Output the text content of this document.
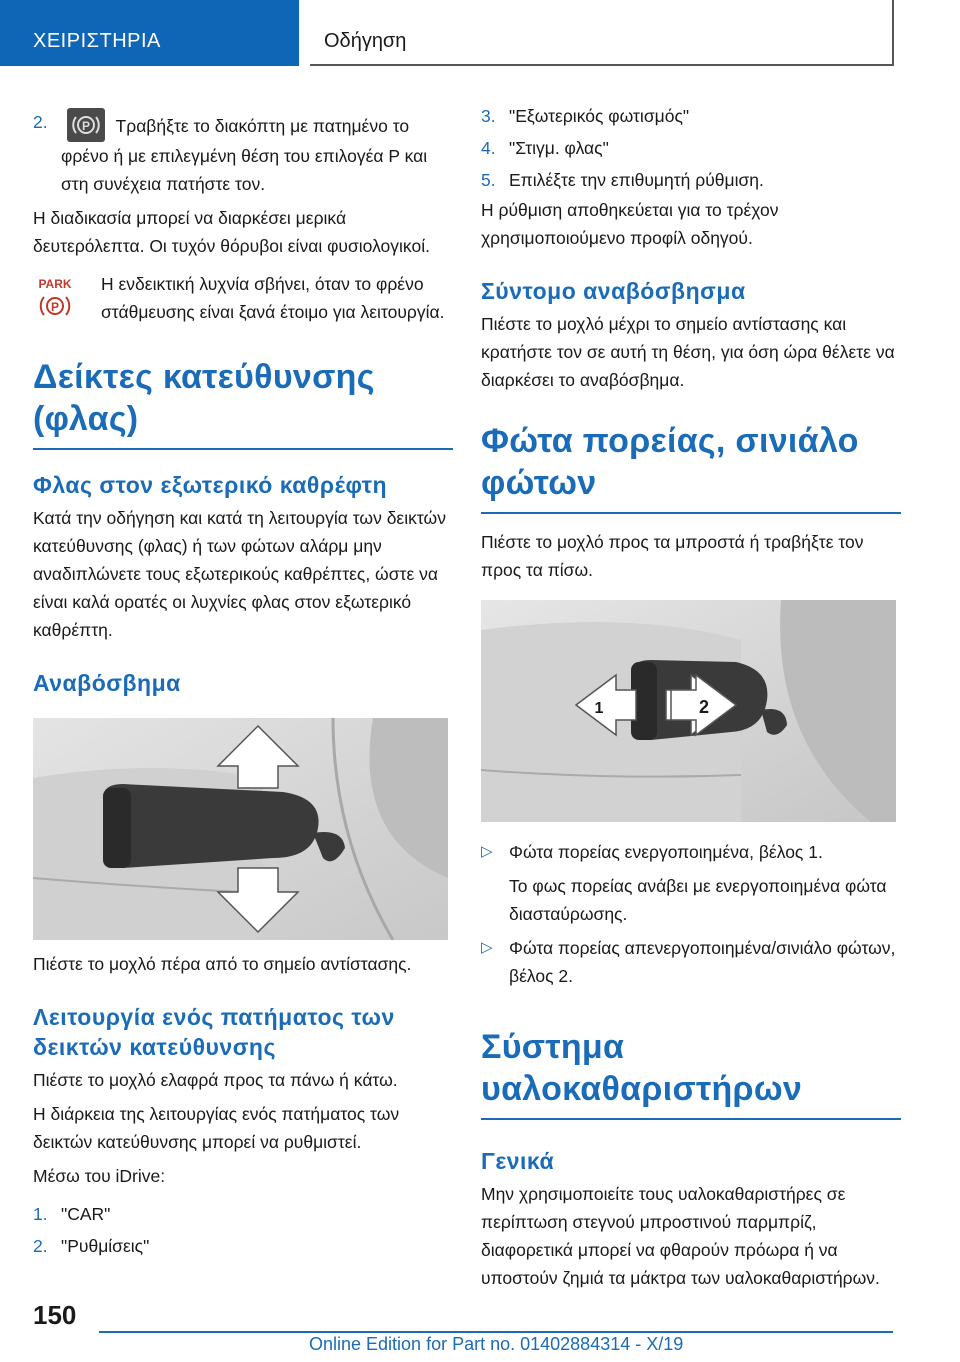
ΧΕΙΡΙΣΤΗΡΙΑ	Οδήγηση
2.	P Τραβήξτε το διακόπτη με πατημένο το φρένο ή με επιλεγμένη θέση του επιλογέα P και στη συνέχεια πατήστε τον.

Η διαδικασία μπορεί να διαρκέσει μερικά δευτερόλεπτα. Οι τυχόν θόρυβοι είναι φυσιολογικοί.

PARK
P

Η ενδεικτική λυχνία σβήνει, όταν το φρένο στάθμευσης είναι ξανά έτοιμο για λειτουργία.

Δείκτες κατεύθυνσης (φλας)
Φλας στον εξωτερικό καθρέφτη

Κατά την οδήγηση και κατά τη λειτουργία των δεικτών κατεύθυνσης (φλας) ή των φώτων αλάρμ μην αναδιπλώνετε τους εξωτερικούς καθρέπτες, ώστε να είναι καλά ορατές οι λυχνίες φλας στον εξωτερικό καθρέπτη.

Αναβόσβημα

Πιέστε το μοχλό πέρα από το σημείο αντίστασης.

Λειτουργία ενός πατήματος των δεικτών κατεύθυνσης

Πιέστε το μοχλό ελαφρά προς τα πάνω ή κάτω.

Η διάρκεια της λειτουργίας ενός πατήματος των δεικτών κατεύθυνσης μπορεί να ρυθμιστεί.

Μέσω του iDrive:

1. "CAR"
2. "Ρυθμίσεις"
3. "Εξωτερικός φωτισμός"
4. "Στιγμ. φλας"
5. Επιλέξτε την επιθυμητή ρύθμιση.

Η ρύθμιση αποθηκεύεται για το τρέχον χρησιμοποιούμενο προφίλ οδηγού.

Σύντομο αναβόσβησμα

Πιέστε το μοχλό μέχρι το σημείο αντίστασης και κρατήστε τον σε αυτή τη θέση, για όση ώρα θέλετε να διαρκέσει το αναβόσβημα.

Φώτα πορείας, σινιάλο φώτων

Πιέστε το μοχλό προς τα μπροστά ή τραβήξτε τον προς τα πίσω.

1	2
▷ Φώτα πορείας ενεργοποιημένα, βέλος 1.

Το φως πορείας ανάβει με ενεργοποιημένα φώτα διασταύρωσης.

▷ Φώτα πορείας απενεργοποιημένα/σινιάλο φώτων, βέλος 2.
Σύστημα υαλοκαθαριστήρων
Γενικά

Μην χρησιμοποιείτε τους υαλοκαθαριστήρες σε περίπτωση στεγνού μπροστινού παρμπρίζ, διαφορετικά μπορεί να φθαρούν πρόωρα ή να υποστούν ζημιά τα μάκτρα των υαλοκαθαριστήρων.

150
Online Edition for Part no. 01402884314 - X/19
